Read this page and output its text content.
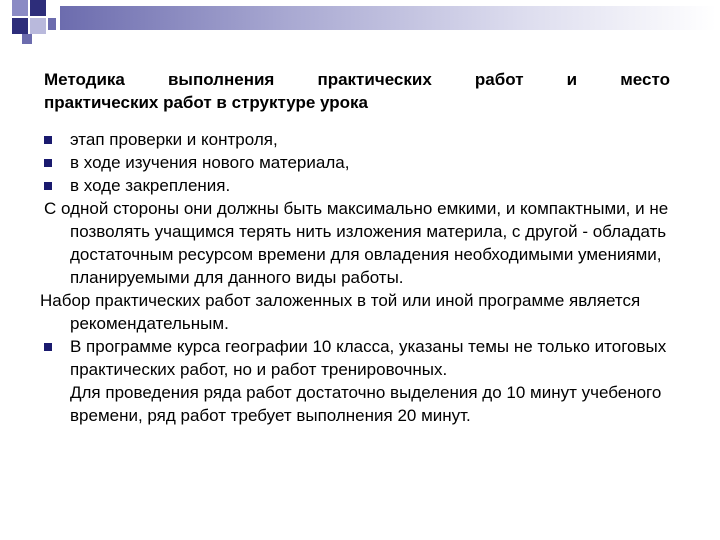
Методика	выполнения	практических	работ	и	место
практических работ в структуре урока
этап проверки и контроля,
в ходе изучения нового материала,
в ходе закрепления.
С одной стороны они должны быть максимально емкими, и компактными, и не позволять учащимся терять нить изложения материла, с другой - обладать достаточным ресурсом времени для овладения необходимыми умениями, планируемыми для данного виды работы.
Набор практических работ заложенных в той или иной программе является рекомендательным.
В программе курса географии 10 класса, указаны темы не только итоговых практических работ, но и работ тренировочных.
Для проведения ряда работ достаточно выделения до 10 минут учебеного времени, ряд работ требует выполнения 20 минут.
